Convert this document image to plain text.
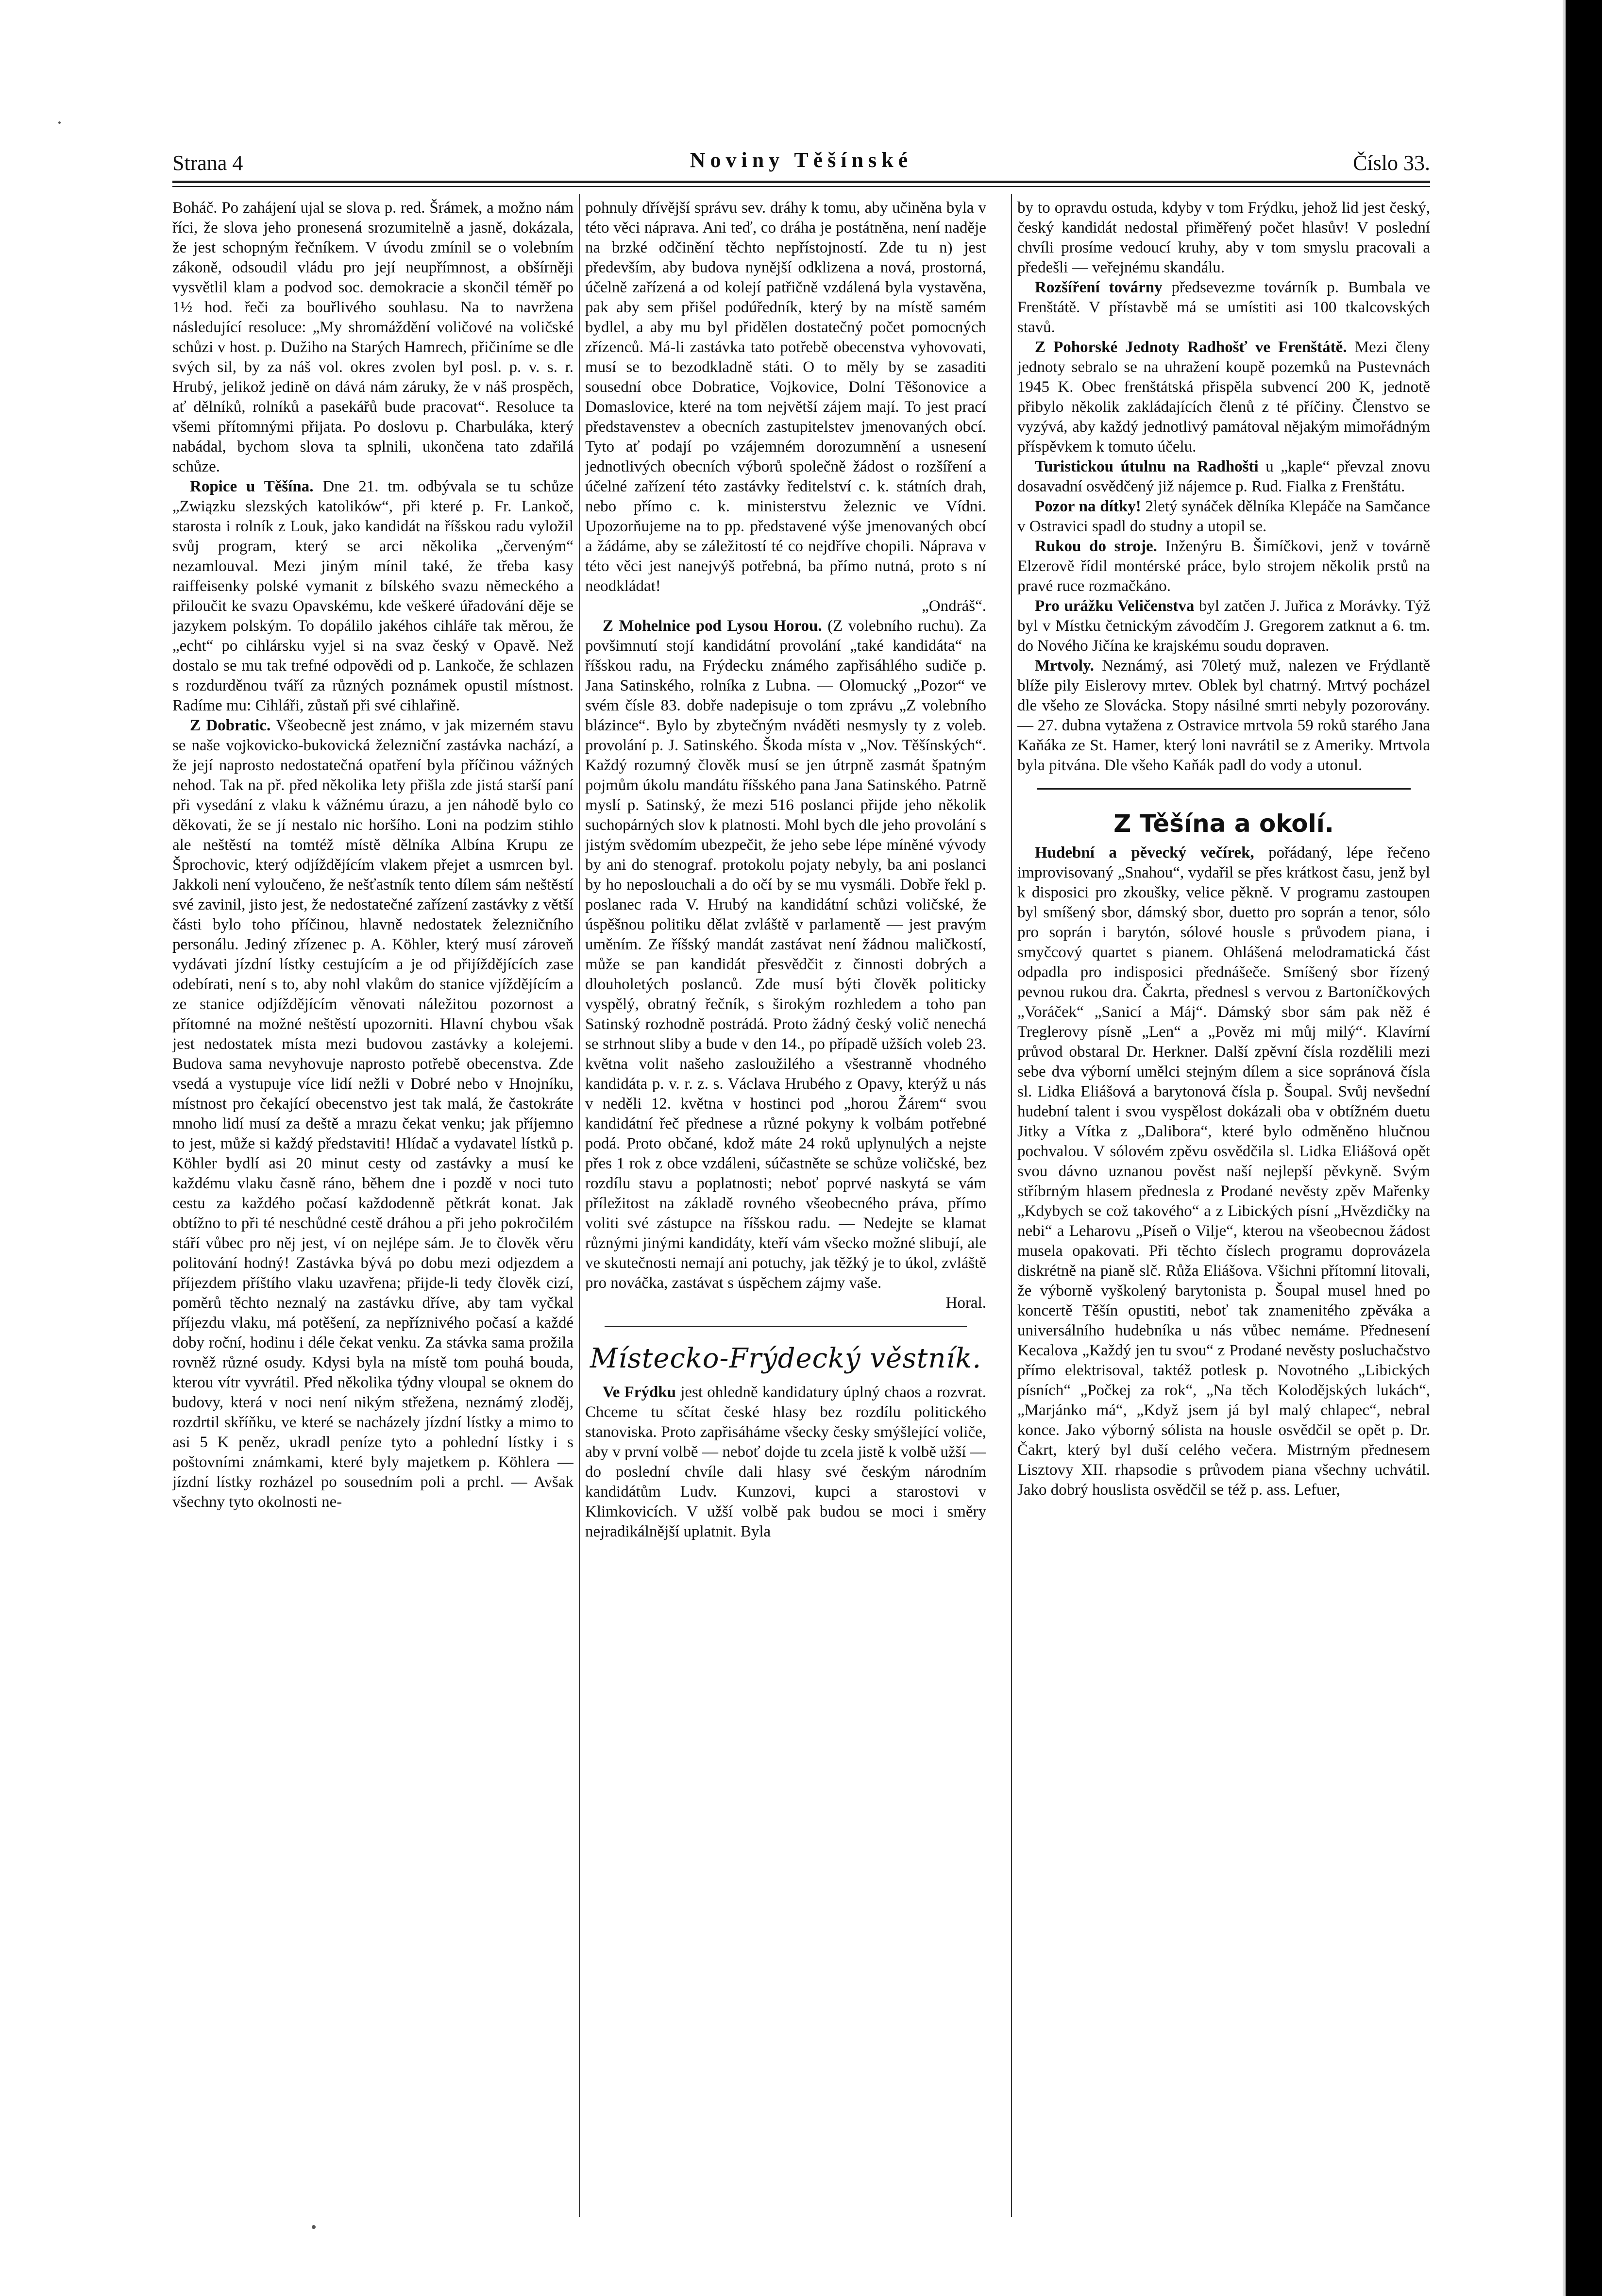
Strana 4	Noviny Těšínské	Číslo 33.

Boháč. Po zahájení ujal se slova p. red. Šrámek, a možno nám říci, že slova jeho pronesená srozumitelně a jasně, dokázala, že jest schopným řečníkem. V úvodu zmínil se o volebním zákoně, odsoudil vládu pro její neupřímnost, a obšírněji vysvětlil klam a podvod soc. demokracie a skončil téměř po 1½ hod. řeči za bouřlivého souhlasu. Na to navržena následující resoluce: „My shromáždění voličové na voličské schůzi v host. p. Dužiho na Starých Hamrech, přičiníme se dle svých sil, by za náš vol. okres zvolen byl posl. p. v. s. r. Hrubý, jelikož jedině on dává nám záruky, že v náš prospěch, ať dělníků, rolníků a pasekářů bude pracovat“. Resoluce ta všemi přítomnými přijata. Po doslovu p. Charbuláka, který nabádal, bychom slova ta splnili, ukončena tato zdařilá schůze.

Ropice u Těšína. Dne 21. tm. odbývala se tu schůze „Związku slezských katolików“, při které p. Fr. Lankoč, starosta i rolník z Louk, jako kandidát na říšskou radu vyložil svůj program, který se arci několika „červeným“ nezamlouval. Mezi jiným mínil také, že třeba kasy raiffeisenky polské vymanit z bílského svazu německého a přiloučit ke svazu Opavskému, kde veškeré úřadování děje se jazykem polským. To dopálilo jakéhos cihláře tak měrou, že „echt“ po cihlársku vyjel si na svaz český v Opavě. Než dostalo se mu tak trefné odpovědi od p. Lankoče, že schlazen s rozdurděnou tváří za různých poznámek opustil místnost. Radíme mu: Cihláři, zůstaň při své cihlařině.

Z Dobratic. Všeobecně jest známo, v jak mizerném stavu se naše vojkovicko-bukovická železniční zastávka nachází, a že její naprosto nedostatečná opatření byla příčinou vážných nehod. Tak na př. před několika lety přišla zde jistá starší paní při vysedání z vlaku k vážnému úrazu, a jen náhodě bylo co děkovati, že se jí nestalo nic horšího. Loni na podzim stihlo ale neštěstí na tomtéž místě dělníka Albína Krupu ze Šprochovic, který odjíždějícím vlakem přejet a usmrcen byl. Jakkoli není vyloučeno, že nešťastník tento dílem sám neštěstí své zavinil, jisto jest, že nedostatečné zařízení zastávky z větší části bylo toho příčinou, hlavně nedostatek železničního personálu. Jediný zřízenec p. A. Köhler, který musí zároveň vydávati jízdní lístky cestujícím a je od přijíždějících zase odebírati, není s to, aby nohl vlakům do stanice vjíždějícím a ze stanice odjíždějícím věnovati náležitou pozornost a přítomné na možné neštěstí upozorniti. Hlavní chybou však jest nedostatek místa mezi budovou zastávky a kolejemi. Budova sama nevyhovuje naprosto potřebě obecenstva. Zde vsedá a vystupuje více lidí nežli v Dobré nebo v Hnojníku, místnost pro čekající obecenstvo jest tak malá, že častokráte mnoho lidí musí za deště a mrazu čekat venku; jak příjemno to jest, může si každý představiti! Hlídač a vydavatel lístků p. Köhler bydlí asi 20 minut cesty od zastávky a musí ke každému vlaku časně ráno, během dne i pozdě v noci tuto cestu za každého počasí každodenně pětkrát konat. Jak obtížno to při té neschůdné cestě dráhou a při jeho pokročilém stáří vůbec pro něj jest, ví on nejlépe sám. Je to člověk věru politování hodný! Zastávka bývá po dobu mezi odjezdem a příjezdem příštího vlaku uzavřena; přijde-li tedy člověk cizí, poměrů těchto neznalý na zastávku dříve, aby tam vyčkal příjezdu vlaku, má potěšení, za nepříznivého počasí a každé doby roční, hodinu i déle čekat venku. Za stávka sama prožila rovněž různé osudy. Kdysi byla na místě tom pouhá bouda, kterou vítr vyvrátil. Před několika týdny vloupal se oknem do budovy, která v noci není nikým střežena, neznámý zloděj, rozdrtil skříňku, ve které se nacházely jízdní lístky a mimo to asi 5 K peněz, ukradl peníze tyto a pohlední lístky i s poštovními známkami, které byly majetkem p. Köhlera — jízdní lístky rozházel po sousedním poli a prchl. — Avšak všechny tyto okolnosti ne-

pohnuly dřívější správu sev. dráhy k tomu, aby učiněna byla v této věci náprava. Ani teď, co dráha je postátněna, není naděje na brzké odčinění těchto nepřístojností. Zde tu n) jest především, aby budova nynější odklizena a nová, prostorná, účelně zařízená a od kolejí patřičně vzdálená byla vystavěna, pak aby sem přišel podúředník, který by na místě samém bydlel, a aby mu byl přidělen dostatečný počet pomocných zřízenců. Má-li zastávka tato potřebě obecenstva vyhovovati, musí se to bezodkladně státi. O to měly by se zasaditi sousední obce Dobratice, Vojkovice, Dolní Těšonovice a Domaslovice, které na tom největší zájem mají. To jest prací představenstev a obecních zastupitelstev jmenovaných obcí. Tyto ať podají po vzájemném dorozumnění a usnesení jednotlivých obecních výborů společně žádost o rozšíření a účelné zařízení této zastávky ředitelství c. k. státních drah, nebo přímo c. k. ministerstvu železnic ve Vídni. Upozorňujeme na to pp. představené výše jmenovaných obcí a žádáme, aby se záležitostí té co nejdříve chopili. Náprava v této věci jest nanejvýš potřebná, ba přímo nutná, proto s ní neodkládat!

„Ondráš“.

Z Mohelnice pod Lysou Horou. (Z volebního ruchu). Za povšimnutí stojí kandidátní provolání „také kandidáta“ na říšskou radu, na Frýdecku známého zapřisáhlého sudiče p. Jana Satinského, rolníka z Lubna. — Olomucký „Pozor“ ve svém čísle 83. dobře nadepisuje o tom zprávu „Z volebního blázince“. Bylo by zbytečným nváděti nesmysly ty z voleb. provolání p. J. Satinského. Škoda místa v „Nov. Těšínských“. Každý rozumný člověk musí se jen útrpně zasmát špatným pojmům úkolu mandátu říšského pana Jana Satinského. Patrně myslí p. Satinský, že mezi 516 poslanci přijde jeho několik suchopárných slov k platnosti. Mohl bych dle jeho provolání s jistým svědomím ubezpečit, že jeho sebe lépe míněné vývody by ani do stenograf. protokolu pojaty nebyly, ba ani poslanci by ho neposlouchali a do očí by se mu vysmáli. Dobře řekl p. poslanec rada V. Hrubý na kandidátní schůzi voličské, že úspěšnou politiku dělat zvláště v parlamentě — jest pravým uměním. Ze říšský mandát zastávat není žádnou maličkostí, může se pan kandidát přesvědčit z činnosti dobrých a dlouholetých poslanců. Zde musí býti člověk politicky vyspělý, obratný řečník, s širokým rozhledem a toho pan Satinský rozhodně postrádá. Proto žádný český volič nenechá se strhnout sliby a bude v den 14., po případě užších voleb 23. května volit našeho zasloužilého a všestranně vhodného kandidáta p. v. r. z. s. Václava Hrubého z Opavy, kterýž u nás v neděli 12. května v hostinci pod „horou Žárem“ svou kandidátní řeč přednese a různé pokyny k volbám potřebné podá. Proto občané, kdož máte 24 roků uplynulých a nejste přes 1 rok z obce vzdáleni, súčastněte se schůze voličské, bez rozdílu stavu a poplatnosti; neboť poprvé naskytá se vám příležitost na základě rovného všeobecného práva, přímo voliti své zástupce na říšskou radu. — Nedejte se klamat různými jinými kandidáty, kteří vám všecko možné slibují, ale ve skutečnosti nemají ani potuchy, jak těžký je to úkol, zvláště pro nováčka, zastávat s úspěchem zájmy vaše.

Horal.

Místecko-Frýdecký věstník.

Ve Frýdku jest ohledně kandidatury úplný chaos a rozvrat. Chceme tu sčítat české hlasy bez rozdílu politického stanoviska. Proto zapřisáháme všecky česky smýšlející voliče, aby v první volbě — neboť dojde tu zcela jistě k volbě užší — do poslední chvíle dali hlasy své českým národním kandidátům Ludv. Kunzovi, kupci a starostovi v Klimkovicích. V užší volbě pak budou se moci i směry nejradikálnější uplatnit. Byla

by to opravdu ostuda, kdyby v tom Frýdku, jehož lid jest český, český kandidát nedostal přiměřený počet hlasův! V poslední chvíli prosíme vedoucí kruhy, aby v tom smyslu pracovali a předešli — veřejnému skandálu.

Rozšíření továrny předsevezme továrník p. Bumbala ve Frenštátě. V přístavbě má se umístiti asi 100 tkalcovských stavů.

Z Pohorské Jednoty Radhošť ve Frenštátě. Mezi členy jednoty sebralo se na uhražení koupě pozemků na Pustevnách 1945 K. Obec frenštátská přispěla subvencí 200 K, jednotě přibylo několik zakládajících členů z té příčiny. Členstvo se vyzývá, aby každý jednotlivý památoval nějakým mimořádným příspěvkem k tomuto účelu.

Turistickou útulnu na Radhošti u „kaple“ převzal znovu dosavadní osvědčený již nájemce p. Rud. Fialka z Frenštátu.

Pozor na dítky! 2letý synáček dělníka Klepáče na Samčance v Ostravici spadl do studny a utopil se.

Rukou do stroje. Inženýru B. Šimíčkovi, jenž v továrně Elzerově řídil montérské práce, bylo strojem několik prstů na pravé ruce rozmačkáno.

Pro urážku Veličenstva byl zatčen J. Juřica z Morávky. Týž byl v Místku četnickým závodčím J. Gregorem zatknut a 6. tm. do Nového Jičína ke krajskému soudu dopraven.

Mrtvoly. Neznámý, asi 70letý muž, nalezen ve Frýdlantě blíže pily Eislerovy mrtev. Oblek byl chatrný. Mrtvý pocházel dle všeho ze Slovácka. Stopy násilné smrti nebyly pozorovány. — 27. dubna vytažena z Ostravice mrtvola 59 roků starého Jana Kaňáka ze St. Hamer, který loni navrátil se z Ameriky. Mrtvola byla pitvána. Dle všeho Kaňák padl do vody a utonul.

Z Těšína a okolí.

Hudební a pěvecký večírek, pořádaný, lépe řečeno improvisovaný „Snahou“, vydařil se přes krátkost času, jenž byl k disposici pro zkoušky, velice pěkně. V programu zastoupen byl smíšený sbor, dámský sbor, duetto pro soprán a tenor, sólo pro soprán i barytón, sólové housle s průvodem piana, i smyčcový quartet s pianem. Ohlášená melodramatická část odpadla pro indisposici přednášeče. Smíšený sbor řízený pevnou rukou dra. Čakrta, přednesl s vervou z Bartoníčkových „Voráček“ „Sanicí a Máj“. Dámský sbor sám pak něž é Treglerovy písně „Len“ a „Pověz mi můj milý“. Klavírní průvod obstaral Dr. Herkner. Další zpěvní čísla rozdělili mezi sebe dva výborní umělci stejným dílem a sice sopránová čísla sl. Lidka Eliášová a barytonová čísla p. Šoupal. Svůj nevšední hudební talent i svou vyspělost dokázali oba v obtížném duetu Jitky a Vítka z „Dalibora“, které bylo odměněno hlučnou pochvalou. V sólovém zpěvu osvědčila sl. Lidka Eliášová opět svou dávno uznanou pověst naší nejlepší pěvkyně. Svým stříbrným hlasem přednesla z Prodané nevěsty zpěv Mařenky „Kdybych se což takového“ a z Libických písní „Hvězdičky na nebi“ a Leharovu „Píseň o Vilje“, kterou na všeobecnou žádost musela opakovati. Při těchto číslech programu doprovázela diskrétně na pianě slč. Růža Eliášova. Všichni přítomní litovali, že výborně vyškolený barytonista p. Šoupal musel hned po koncertě Těšín opustiti, neboť tak znamenitého zpěváka a universálního hudebníka u nás vůbec nemáme. Přednesení Kecalova „Každý jen tu svou“ z Prodané nevěsty posluchačstvo přímo elektrisoval, taktéž potlesk p. Novotného „Libických písních“ „Počkej za rok“, „Na těch Kolodějských lukách“, „Marjánko má“, „Když jsem já byl malý chlapec“, nebral konce. Jako výborný sólista na housle osvědčil se opět p. Dr. Čakrt, který byl duší celého večera. Mistrným přednesem Lisztovy XII. rhapsodie s průvodem piana všechny uchvátil. Jako dobrý houslista osvědčil se též p. ass. Lefuer,
